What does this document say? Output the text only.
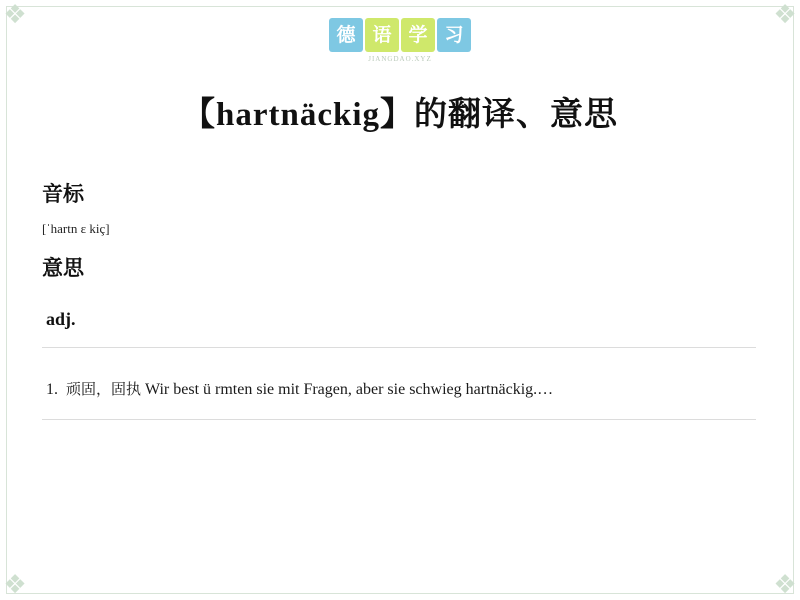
❖	❖
❖	❖
德
语
学
习
JIANGDAO.XYZ
【hartnäckig】的翻译、意思
音标
[ˈhartn ɛ kiç]
意思
adj.
1. 顽固，固执 Wir best ü rmten sie mit Fragen, aber sie schwieg hartnäckig.…
